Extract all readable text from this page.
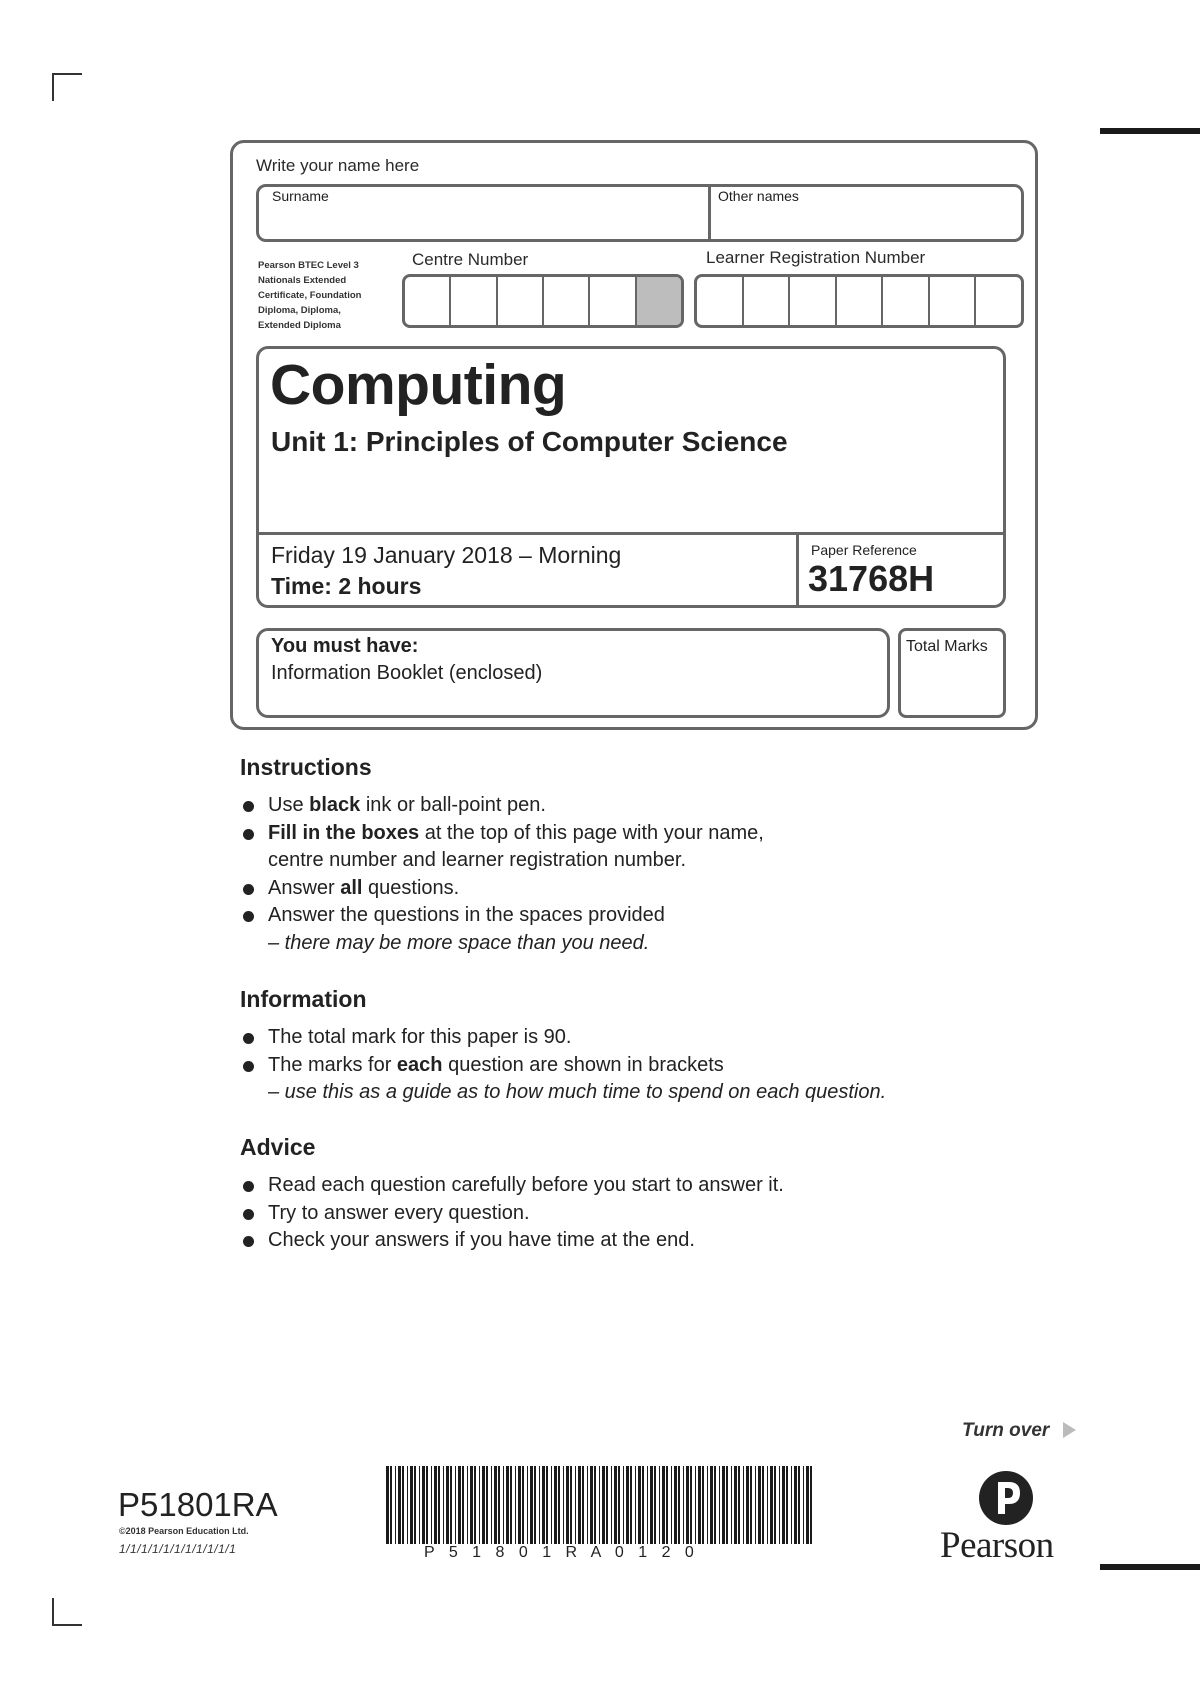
Write your name here
Surname	Other names
Pearson BTEC Level 3
Nationals Extended
Certificate, Foundation
Diploma, Diploma,
Extended Diploma
Centre Number	Learner Registration Number
Computing
Unit 1: Principles of Computer Science
Friday 19 January 2018 – Morning
Time: 2 hours
Paper Reference
31768H
You must have:
Information Booklet (enclosed)
Total Marks
Instructions
Use black ink or ball-point pen.
Fill in the boxes at the top of this page with your name,
centre number and learner registration number.
Answer all questions.
Answer the questions in the spaces provided
– there may be more space than you need.
Information
The total mark for this paper is 90.
The marks for each question are shown in brackets
– use this as a guide as to how much time to spend on each question.
Advice
Read each question carefully before you start to answer it.
Try to answer every question.
Check your answers if you have time at the end.
Turn over
P51801RA
©2018 Pearson Education Ltd.
1/1/1/1/1/1/1/1/1/1/1	P 5 1 8 0 1 R A 0 1 2 0	Pearson
